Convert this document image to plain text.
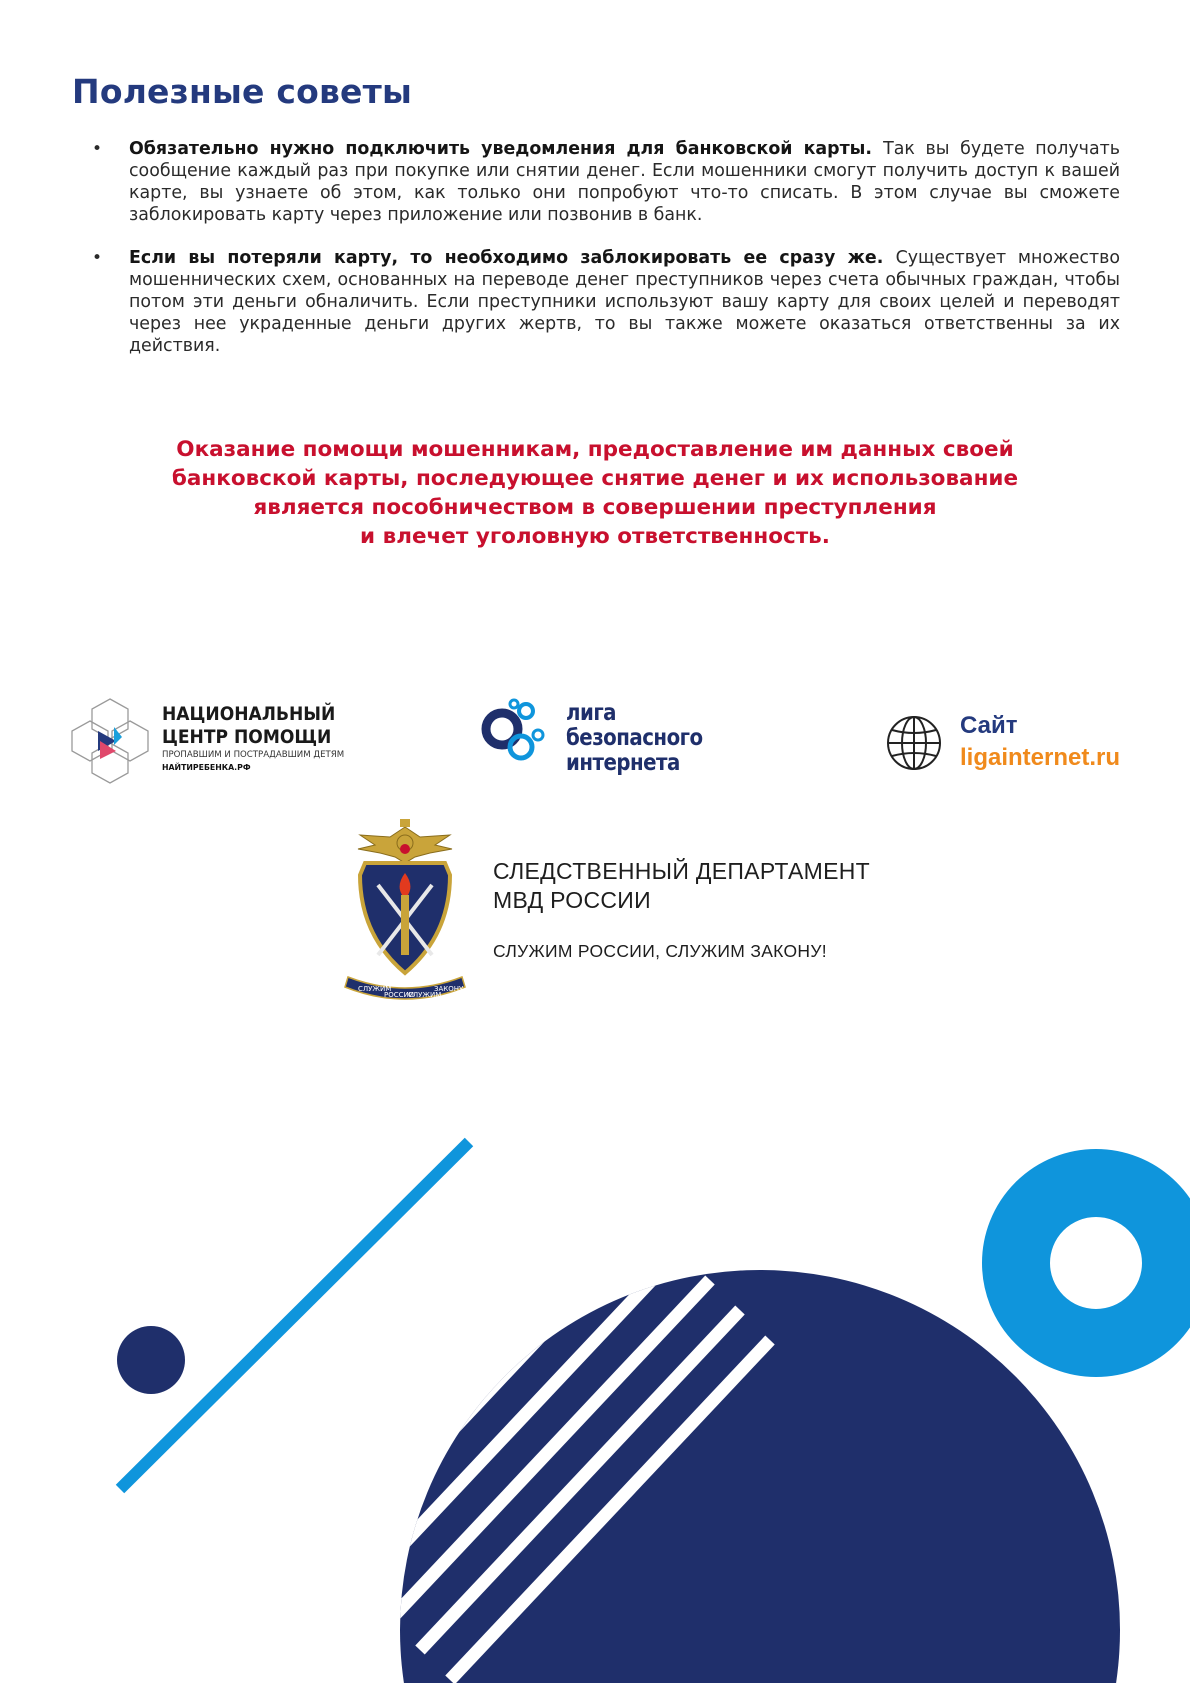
Полезные советы
• Обязательно нужно подключить уведомления для банковской карты. Так вы будете получать сообщение каждый раз при покупке или снятии денег. Если мошенники смогут получить доступ к вашей карте, вы узнаете об этом, как только они попробуют что-то списать. В этом случае вы сможете заблокировать карту через приложение или позвонив в банк.
• Если вы потеряли карту, то необходимо заблокировать ее сразу же. Существует множество мошеннических схем, основанных на переводе денег преступников через счета обычных граждан, чтобы потом эти деньги обналичить. Если преступники используют вашу карту для своих целей и переводят через нее украденные деньги других жертв, то вы также можете оказаться ответственны за их действия.

Оказание помощи мошенникам, предоставление им данных своей
банковской карты, последующее снятие денег и их использование
является пособничеством в совершении преступления
и влечет уголовную ответственность.

НАЦИОНАЛЬНЫЙ
ЦЕНТР ПОМОЩИ
ПРОПАВШИМ И ПОСТРАДАВШИМ ДЕТЯМ
НАЙТИРЕБЕНКА.РФ
лига
безопасного
интернета
Сайт
ligainternet.ru
СЛУЖИМ
РОССИИ
СЛУЖИМ
ЗАКОНУ
СЛЕДСТВЕННЫЙ ДЕПАРТАМЕНТ
МВД РОССИИ
СЛУЖИМ РОССИИ, СЛУЖИМ ЗАКОНУ!
